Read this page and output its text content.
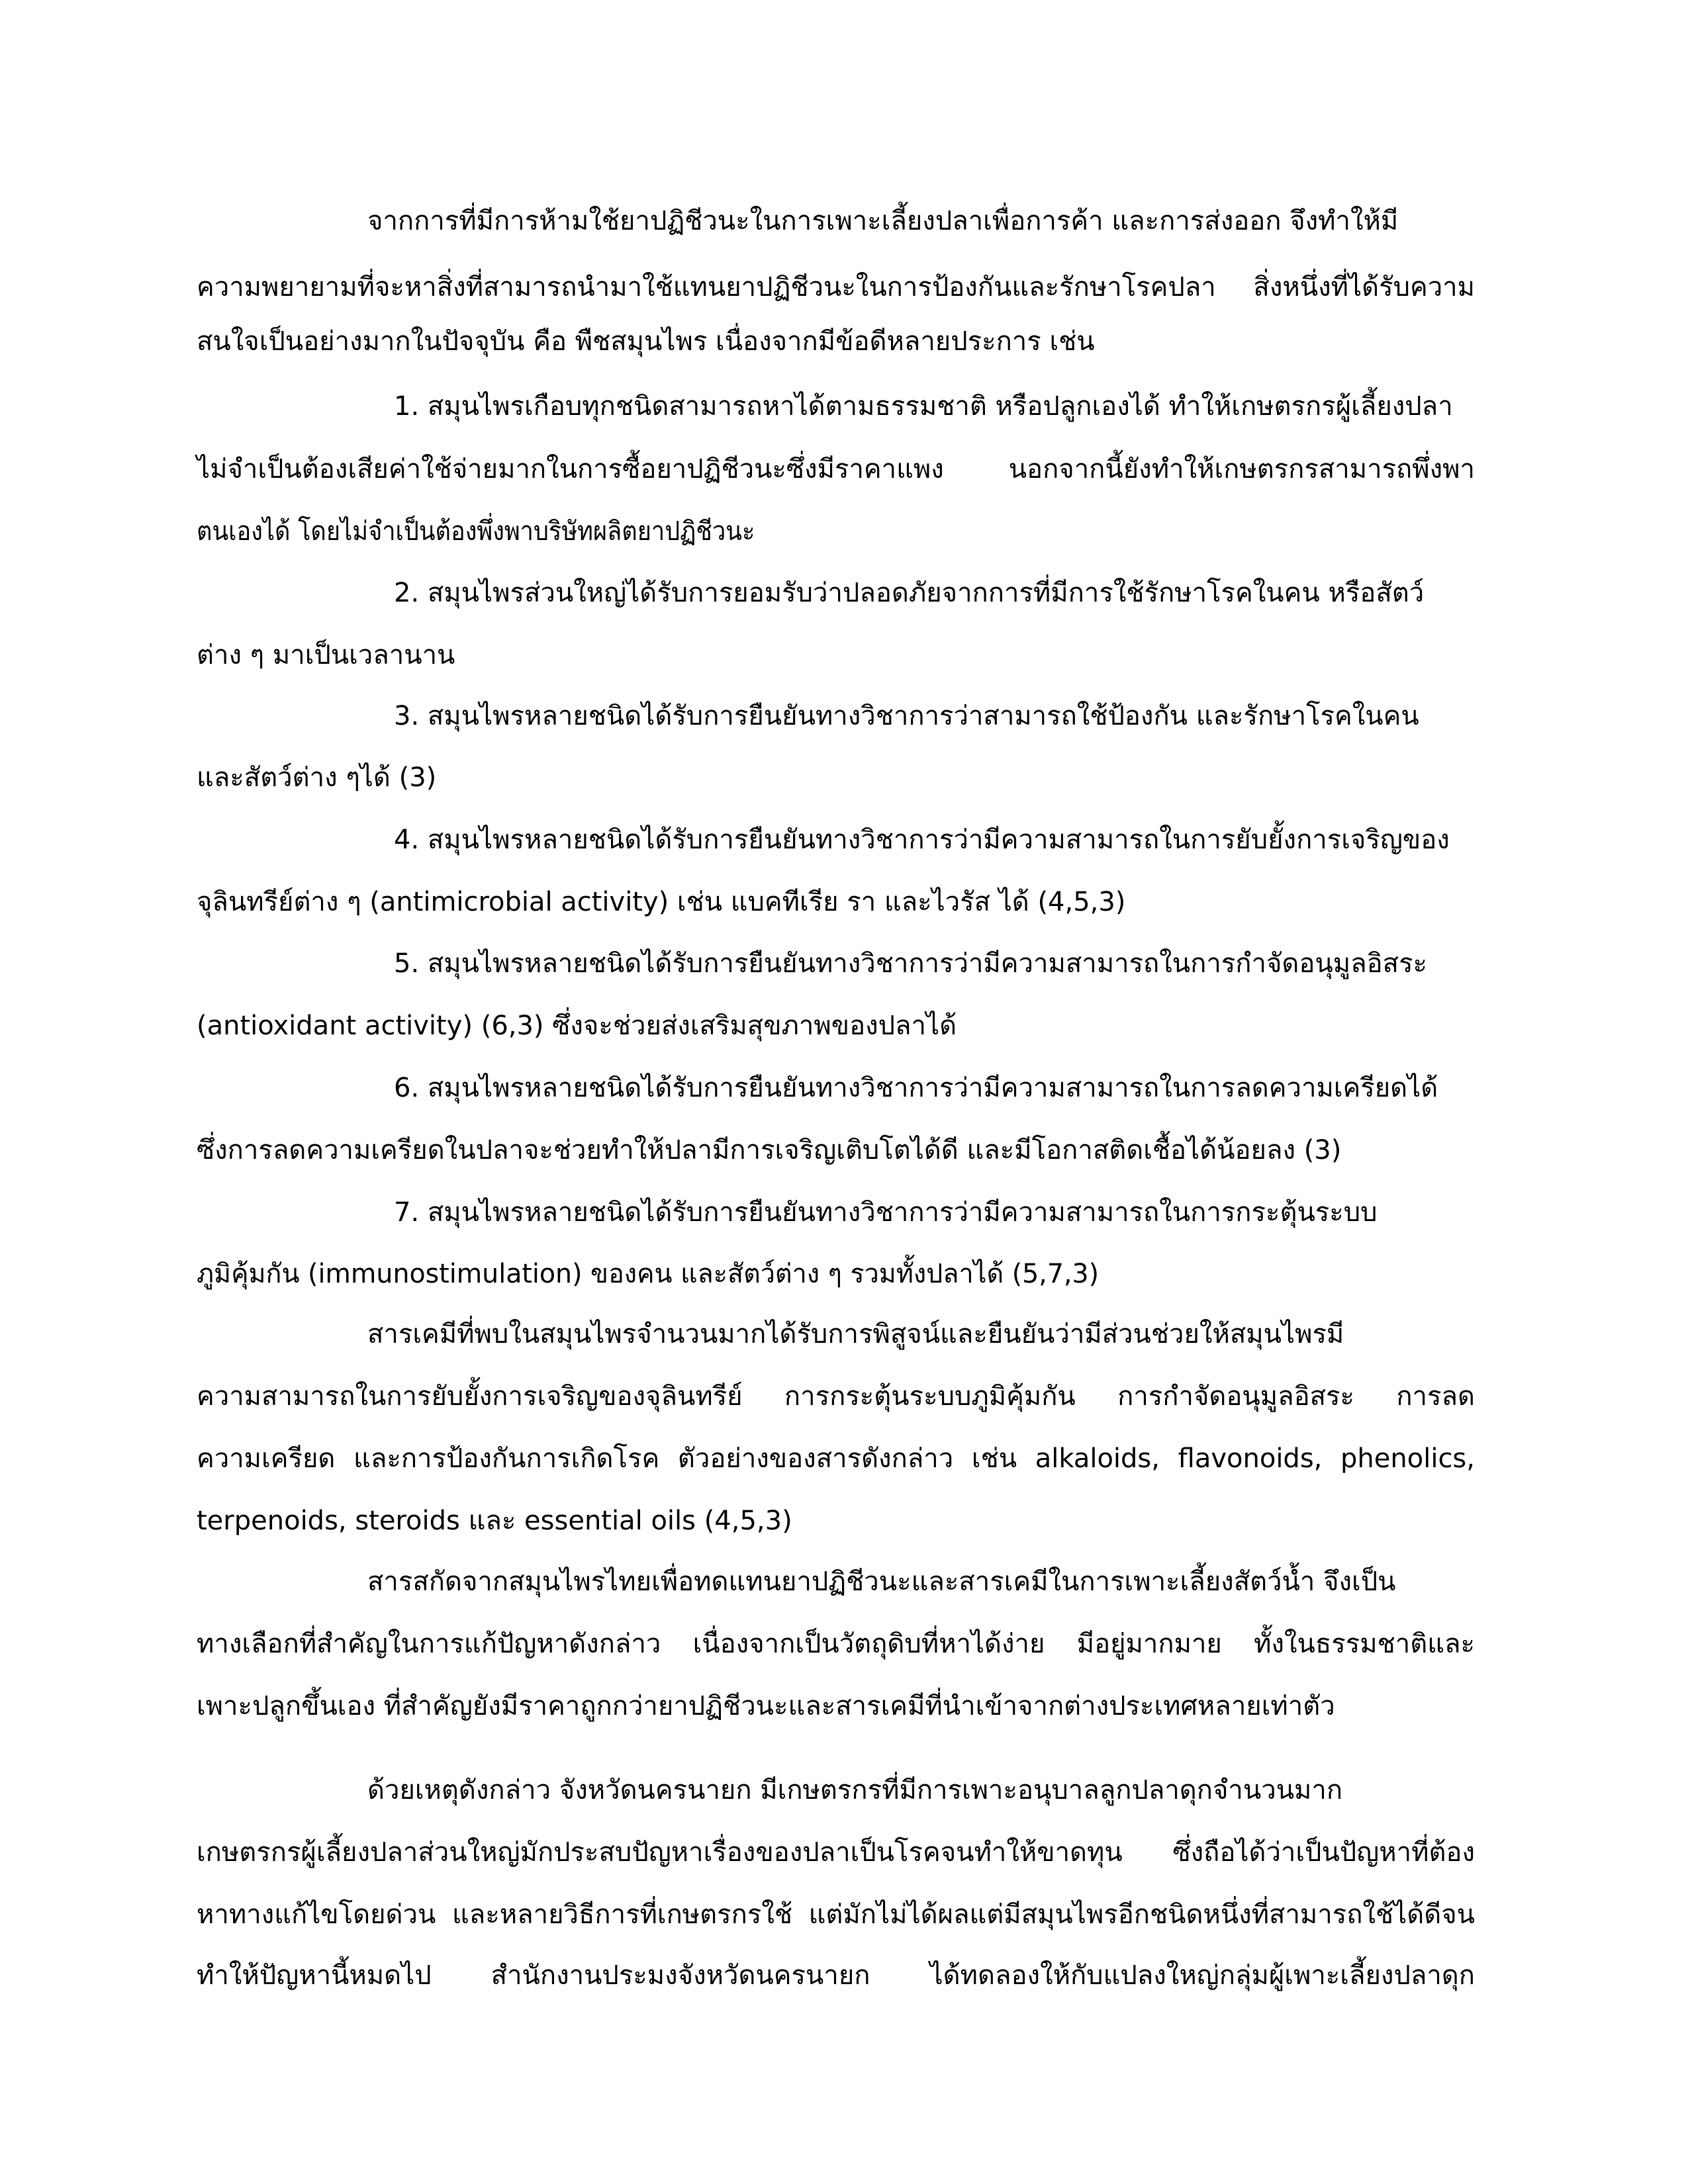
จากการที่มีการห้ามใช้ยาปฏิชีวนะในการเพาะเลี้ยงปลาเพื่อการค้า และการส่งออก จึงทำให้มี
ความพยายามที่จะหาสิ่งที่สามารถนำมาใช้แทนยาปฏิชีวนะในการป้องกันและรักษาโรคปลา สิ่งหนึ่งที่ได้รับความ
สนใจเป็นอย่างมากในปัจจุบัน คือ พืชสมุนไพร เนื่องจากมีข้อดีหลายประการ เช่น
1. สมุนไพรเกือบทุกชนิดสามารถหาได้ตามธรรมชาติ หรือปลูกเองได้ ทำให้เกษตรกรผู้เลี้ยงปลา
ไม่จำเป็นต้องเสียค่าใช้จ่ายมากในการซื้อยาปฏิชีวนะซึ่งมีราคาแพง นอกจากนี้ยังทำให้เกษตรกรสามารถพึ่งพา
ตนเองได้ โดยไม่จำเป็นต้องพึ่งพาบริษัทผลิตยาปฏิชีวนะ
2. สมุนไพรส่วนใหญ่ได้รับการยอมรับว่าปลอดภัยจากการที่มีการใช้รักษาโรคในคน หรือสัตว์
ต่าง ๆ มาเป็นเวลานาน
3. สมุนไพรหลายชนิดได้รับการยืนยันทางวิชาการว่าสามารถใช้ป้องกัน และรักษาโรคในคน
และสัตว์ต่าง ๆได้ (3)
4. สมุนไพรหลายชนิดได้รับการยืนยันทางวิชาการว่ามีความสามารถในการยับยั้งการเจริญของ
จุลินทรีย์ต่าง ๆ (antimicrobial activity) เช่น แบคทีเรีย รา และไวรัส ได้ (4,5,3)
5. สมุนไพรหลายชนิดได้รับการยืนยันทางวิชาการว่ามีความสามารถในการกำจัดอนุมูลอิสระ
(antioxidant activity) (6,3) ซึ่งจะช่วยส่งเสริมสุขภาพของปลาได้
6. สมุนไพรหลายชนิดได้รับการยืนยันทางวิชาการว่ามีความสามารถในการลดความเครียดได้
ซึ่งการลดความเครียดในปลาจะช่วยทำให้ปลามีการเจริญเติบโตได้ดี และมีโอกาสติดเชื้อได้น้อยลง (3)
7. สมุนไพรหลายชนิดได้รับการยืนยันทางวิชาการว่ามีความสามารถในการกระตุ้นระบบ
ภูมิคุ้มกัน (immunostimulation) ของคน และสัตว์ต่าง ๆ รวมทั้งปลาได้ (5,7,3)
สารเคมีที่พบในสมุนไพรจำนวนมากได้รับการพิสูจน์และยืนยันว่ามีส่วนช่วยให้สมุนไพรมี
ความสามารถในการยับยั้งการเจริญของจุลินทรีย์ การกระตุ้นระบบภูมิคุ้มกัน การกำจัดอนุมูลอิสระ การลด
ความเครียด และการป้องกันการเกิดโรค ตัวอย่างของสารดังกล่าว เช่น alkaloids, flavonoids, phenolics,
terpenoids, steroids และ essential oils (4,5,3)
สารสกัดจากสมุนไพรไทยเพื่อทดแทนยาปฏิชีวนะและสารเคมีในการเพาะเลี้ยงสัตว์น้ำ จึงเป็น
ทางเลือกที่สำคัญในการแก้ปัญหาดังกล่าว เนื่องจากเป็นวัตถุดิบที่หาได้ง่าย มีอยู่มากมาย ทั้งในธรรมชาติและ
เพาะปลูกขึ้นเอง ที่สำคัญยังมีราคาถูกกว่ายาปฏิชีวนะและสารเคมีที่นำเข้าจากต่างประเทศหลายเท่าตัว
ด้วยเหตุดังกล่าว จังหวัดนครนายก มีเกษตรกรที่มีการเพาะอนุบาลลูกปลาดุกจำนวนมาก
เกษตรกรผู้เลี้ยงปลาส่วนใหญ่มักประสบปัญหาเรื่องของปลาเป็นโรคจนทำให้ขาดทุน ซึ่งถือได้ว่าเป็นปัญหาที่ต้อง
หาทางแก้ไขโดยด่วน และหลายวิธีการที่เกษตรกรใช้ แต่มักไม่ได้ผลแต่มีสมุนไพรอีกชนิดหนึ่งที่สามารถใช้ได้ดีจน
ทำให้ปัญหานี้หมดไป สำนักงานประมงจังหวัดนครนายก ได้ทดลองให้กับแปลงใหญ่กลุ่มผู้เพาะเลี้ยงปลาดุก
